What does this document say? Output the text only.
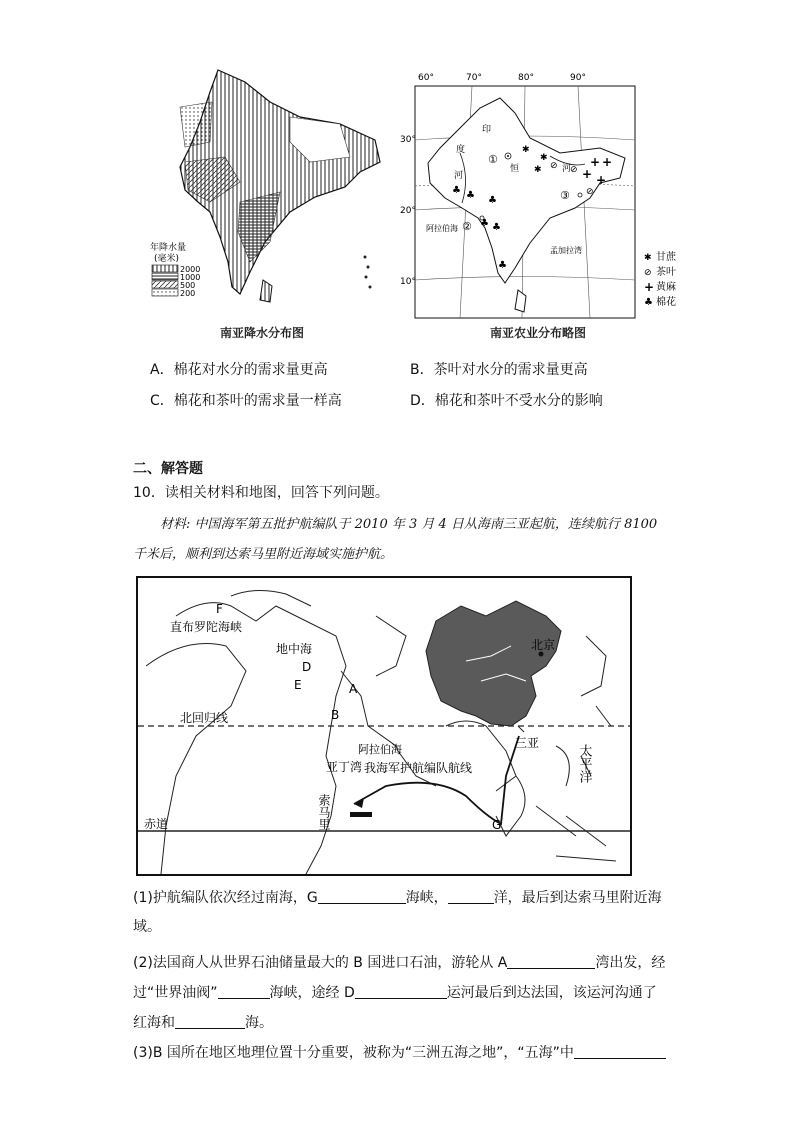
年降水量
(毫米)
2000
1000
500
200
南亚降水分布图
60°	70°	80°	90°
30°
20°
10°
印
度
河
恒	河
阿拉伯海
孟加拉湾
①
②
③
+ +
+ +
♣ ♣ ♣
♣ ♣
♣
⊘ ⊘
⊘
✱
✱
✱
✱ 甘蔗
⊘ 茶叶
+ 黄麻
♣ 棉花
南亚农业分布略图
A．棉花对水分的需求量更高	B．茶叶对水分的需求量更高
C．棉花和茶叶的需求量一样高	D．棉花和茶叶不受水分的影响
二、解答题
10．读相关材料和地图，回答下列问题。
材料: 中国海军第五批护航编队于 2010 年 3 月 4 日从海南三亚起航，连续航行 8100
千米后，顺利到达索马里附近海域实施护航。
F
直布罗陀海峡
地中海
D
E	A
B
北回归线
阿拉伯海
亚丁湾 我海军护航编队航线
索马里
赤道	G
三亚
太平洋
北京
(1)护航编队依次经过南海，G	海峡，	洋，最后到达索马里附近海
域。
(2)法国商人从世界石油储量最大的 B 国进口石油，游轮从 A	湾出发，经
过“世界油阀”	海峡，途经 D	运河最后到达法国，该运河沟通了
红海和	海。
(3)B 国所在地区地理位置十分重要，被称为“三洲五海之地”，“五海”中
